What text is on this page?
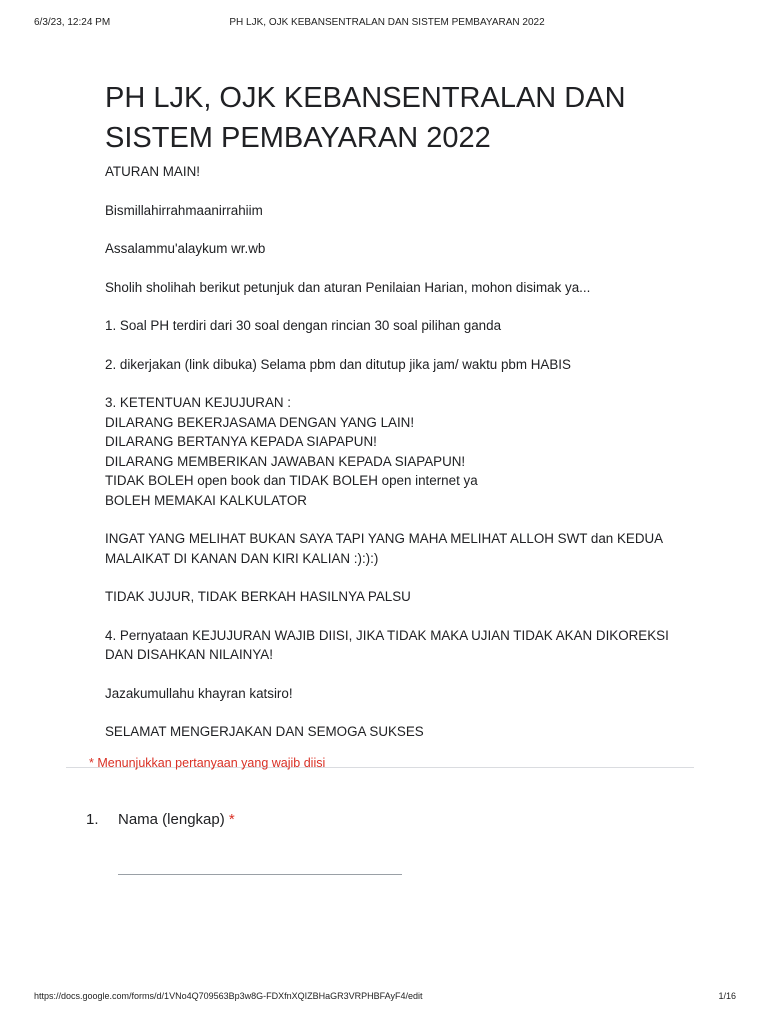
6/3/23, 12:24 PM	PH LJK, OJK KEBANSENTRALAN DAN SISTEM PEMBAYARAN 2022
PH LJK, OJK KEBANSENTRALAN DAN SISTEM PEMBAYARAN 2022

ATURAN MAIN!

Bismillahirrahmaanirrahiim

Assalammu'alaykum wr.wb

Sholih sholihah berikut petunjuk dan aturan Penilaian Harian, mohon disimak ya...

1. Soal PH terdiri dari 30 soal dengan rincian 30 soal pilihan ganda

2. dikerjakan (link dibuka) Selama pbm dan ditutup jika jam/ waktu pbm HABIS

3. KETENTUAN KEJUJURAN :
DILARANG BEKERJASAMA DENGAN YANG LAIN!
DILARANG BERTANYA KEPADA SIAPAPUN!
DILARANG MEMBERIKAN JAWABAN KEPADA SIAPAPUN!
TIDAK BOLEH open book dan TIDAK BOLEH open internet ya
BOLEH MEMAKAI KALKULATOR

INGAT YANG MELIHAT BUKAN SAYA TAPI YANG MAHA MELIHAT ALLOH SWT dan KEDUA
MALAIKAT DI KANAN DAN KIRI KALIAN :):):)

TIDAK JUJUR, TIDAK BERKAH HASILNYA PALSU

4. Pernyataan KEJUJURAN WAJIB DIISI, JIKA TIDAK MAKA UJIAN TIDAK AKAN DIKOREKSI
DAN DISAHKAN NILAINYA!

Jazakumullahu khayran katsiro!

SELAMAT MENGERJAKAN DAN SEMOGA SUKSES

* Menunjukkan pertanyaan yang wajib diisi
1. Nama (lengkap) *
https://docs.google.com/forms/d/1VNo4Q709563Bp3w8G-FDXfnXQIZBHaGR3VRPHBFAyF4/edit	1/16
